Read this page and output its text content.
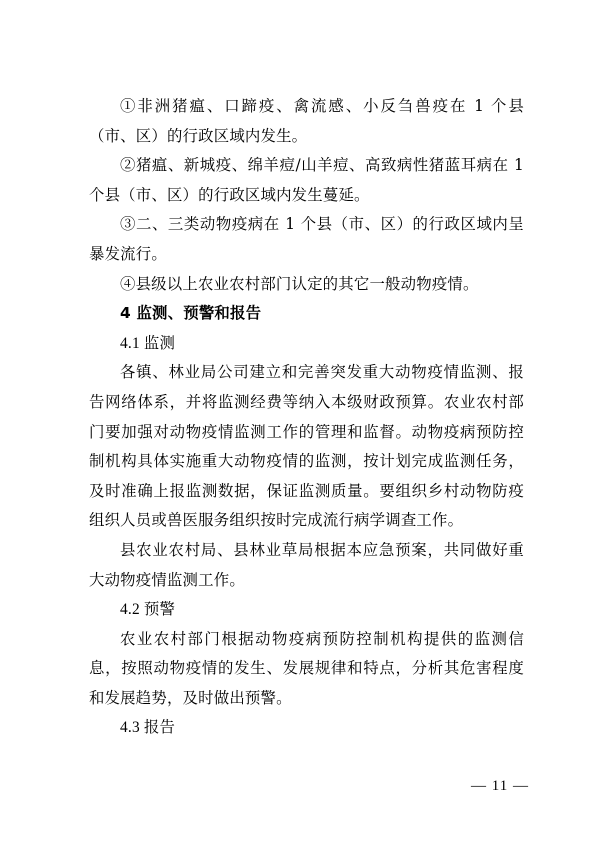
①非洲猪瘟、口蹄疫、禽流感、小反刍兽疫在 1 个县（市、区）的行政区域内发生。

②猪瘟、新城疫、绵羊痘/山羊痘、高致病性猪蓝耳病在 1 个县（市、区）的行政区域内发生蔓延。

③二、三类动物疫病在 1 个县（市、区）的行政区域内呈暴发流行。

④县级以上农业农村部门认定的其它一般动物疫情。

4 监测、预警和报告

4.1 监测

各镇、林业局公司建立和完善突发重大动物疫情监测、报告网络体系，并将监测经费等纳入本级财政预算。农业农村部门要加强对动物疫情监测工作的管理和监督。动物疫病预防控制机构具体实施重大动物疫情的监测，按计划完成监测任务，及时准确上报监测数据，保证监测质量。要组织乡村动物防疫组织人员或兽医服务组织按时完成流行病学调查工作。

县农业农村局、县林业草局根据本应急预案，共同做好重大动物疫情监测工作。

4.2 预警

农业农村部门根据动物疫病预防控制机构提供的监测信息，按照动物疫情的发生、发展规律和特点，分析其危害程度和发展趋势，及时做出预警。

4.3 报告

— 11 —
